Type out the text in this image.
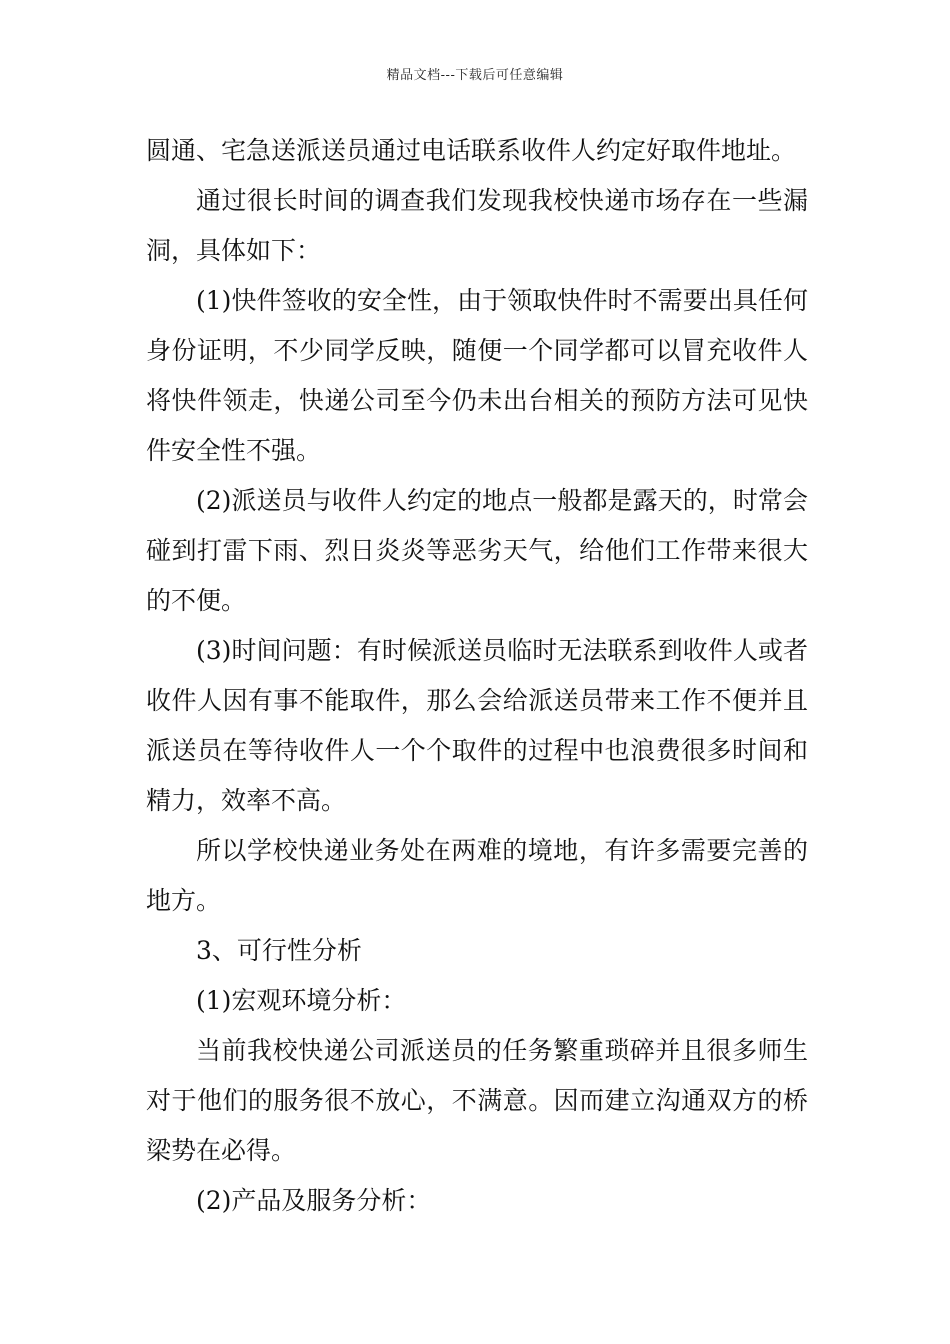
精品文档---下载后可任意编辑

圆通、宅急送派送员通过电话联系收件人约定好取件地址。

通过很长时间的调查我们发现我校快递市场存在一些漏洞，具体如下：

(1)快件签收的安全性，由于领取快件时不需要出具任何身份证明，不少同学反映，随便一个同学都可以冒充收件人将快件领走，快递公司至今仍未出台相关的预防方法可见快件安全性不强。

(2)派送员与收件人约定的地点一般都是露天的，时常会碰到打雷下雨、烈日炎炎等恶劣天气，给他们工作带来很大的不便。

(3)时间问题：有时候派送员临时无法联系到收件人或者收件人因有事不能取件，那么会给派送员带来工作不便并且派送员在等待收件人一个个取件的过程中也浪费很多时间和精力，效率不高。

所以学校快递业务处在两难的境地，有许多需要完善的地方。

3、可行性分析

(1)宏观环境分析：

当前我校快递公司派送员的任务繁重琐碎并且很多师生对于他们的服务很不放心，不满意。因而建立沟通双方的桥梁势在必得。

(2)产品及服务分析：
